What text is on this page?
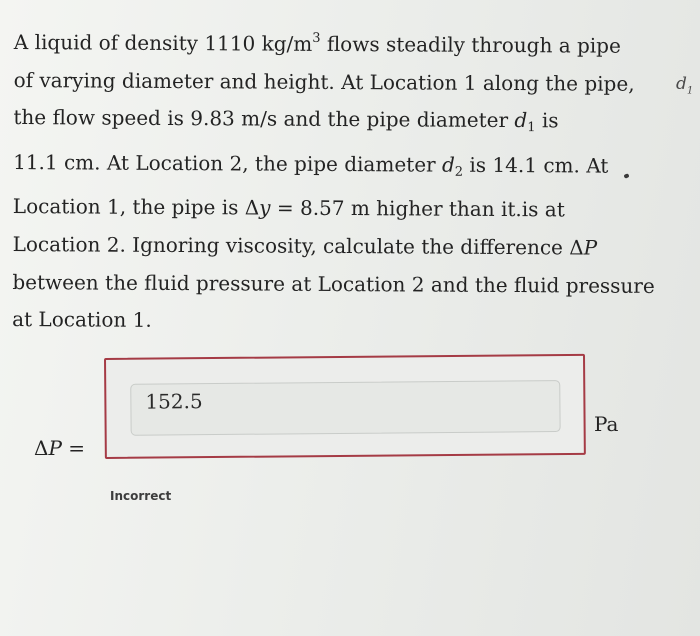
A liquid of density 1110 $kg/m^3$ flows steadily through a pipe
of varying diameter and height. At Location 1 along the pipe,
the flow speed is 9.83 m/s and the pipe diameter $d_1$ is
11.1 cm. At Location 2, the pipe diameter $d_2$ is 14.1 cm. At
Location 1, the pipe is Δy = 8.57 m higher than it.is at
Location 2. Ignoring viscosity, calculate the difference ΔP
between the fluid pressure at Location 2 and the fluid pressure
at Location 1.
ΔP =
152.5
Pa
Incorrect
$d_1$
